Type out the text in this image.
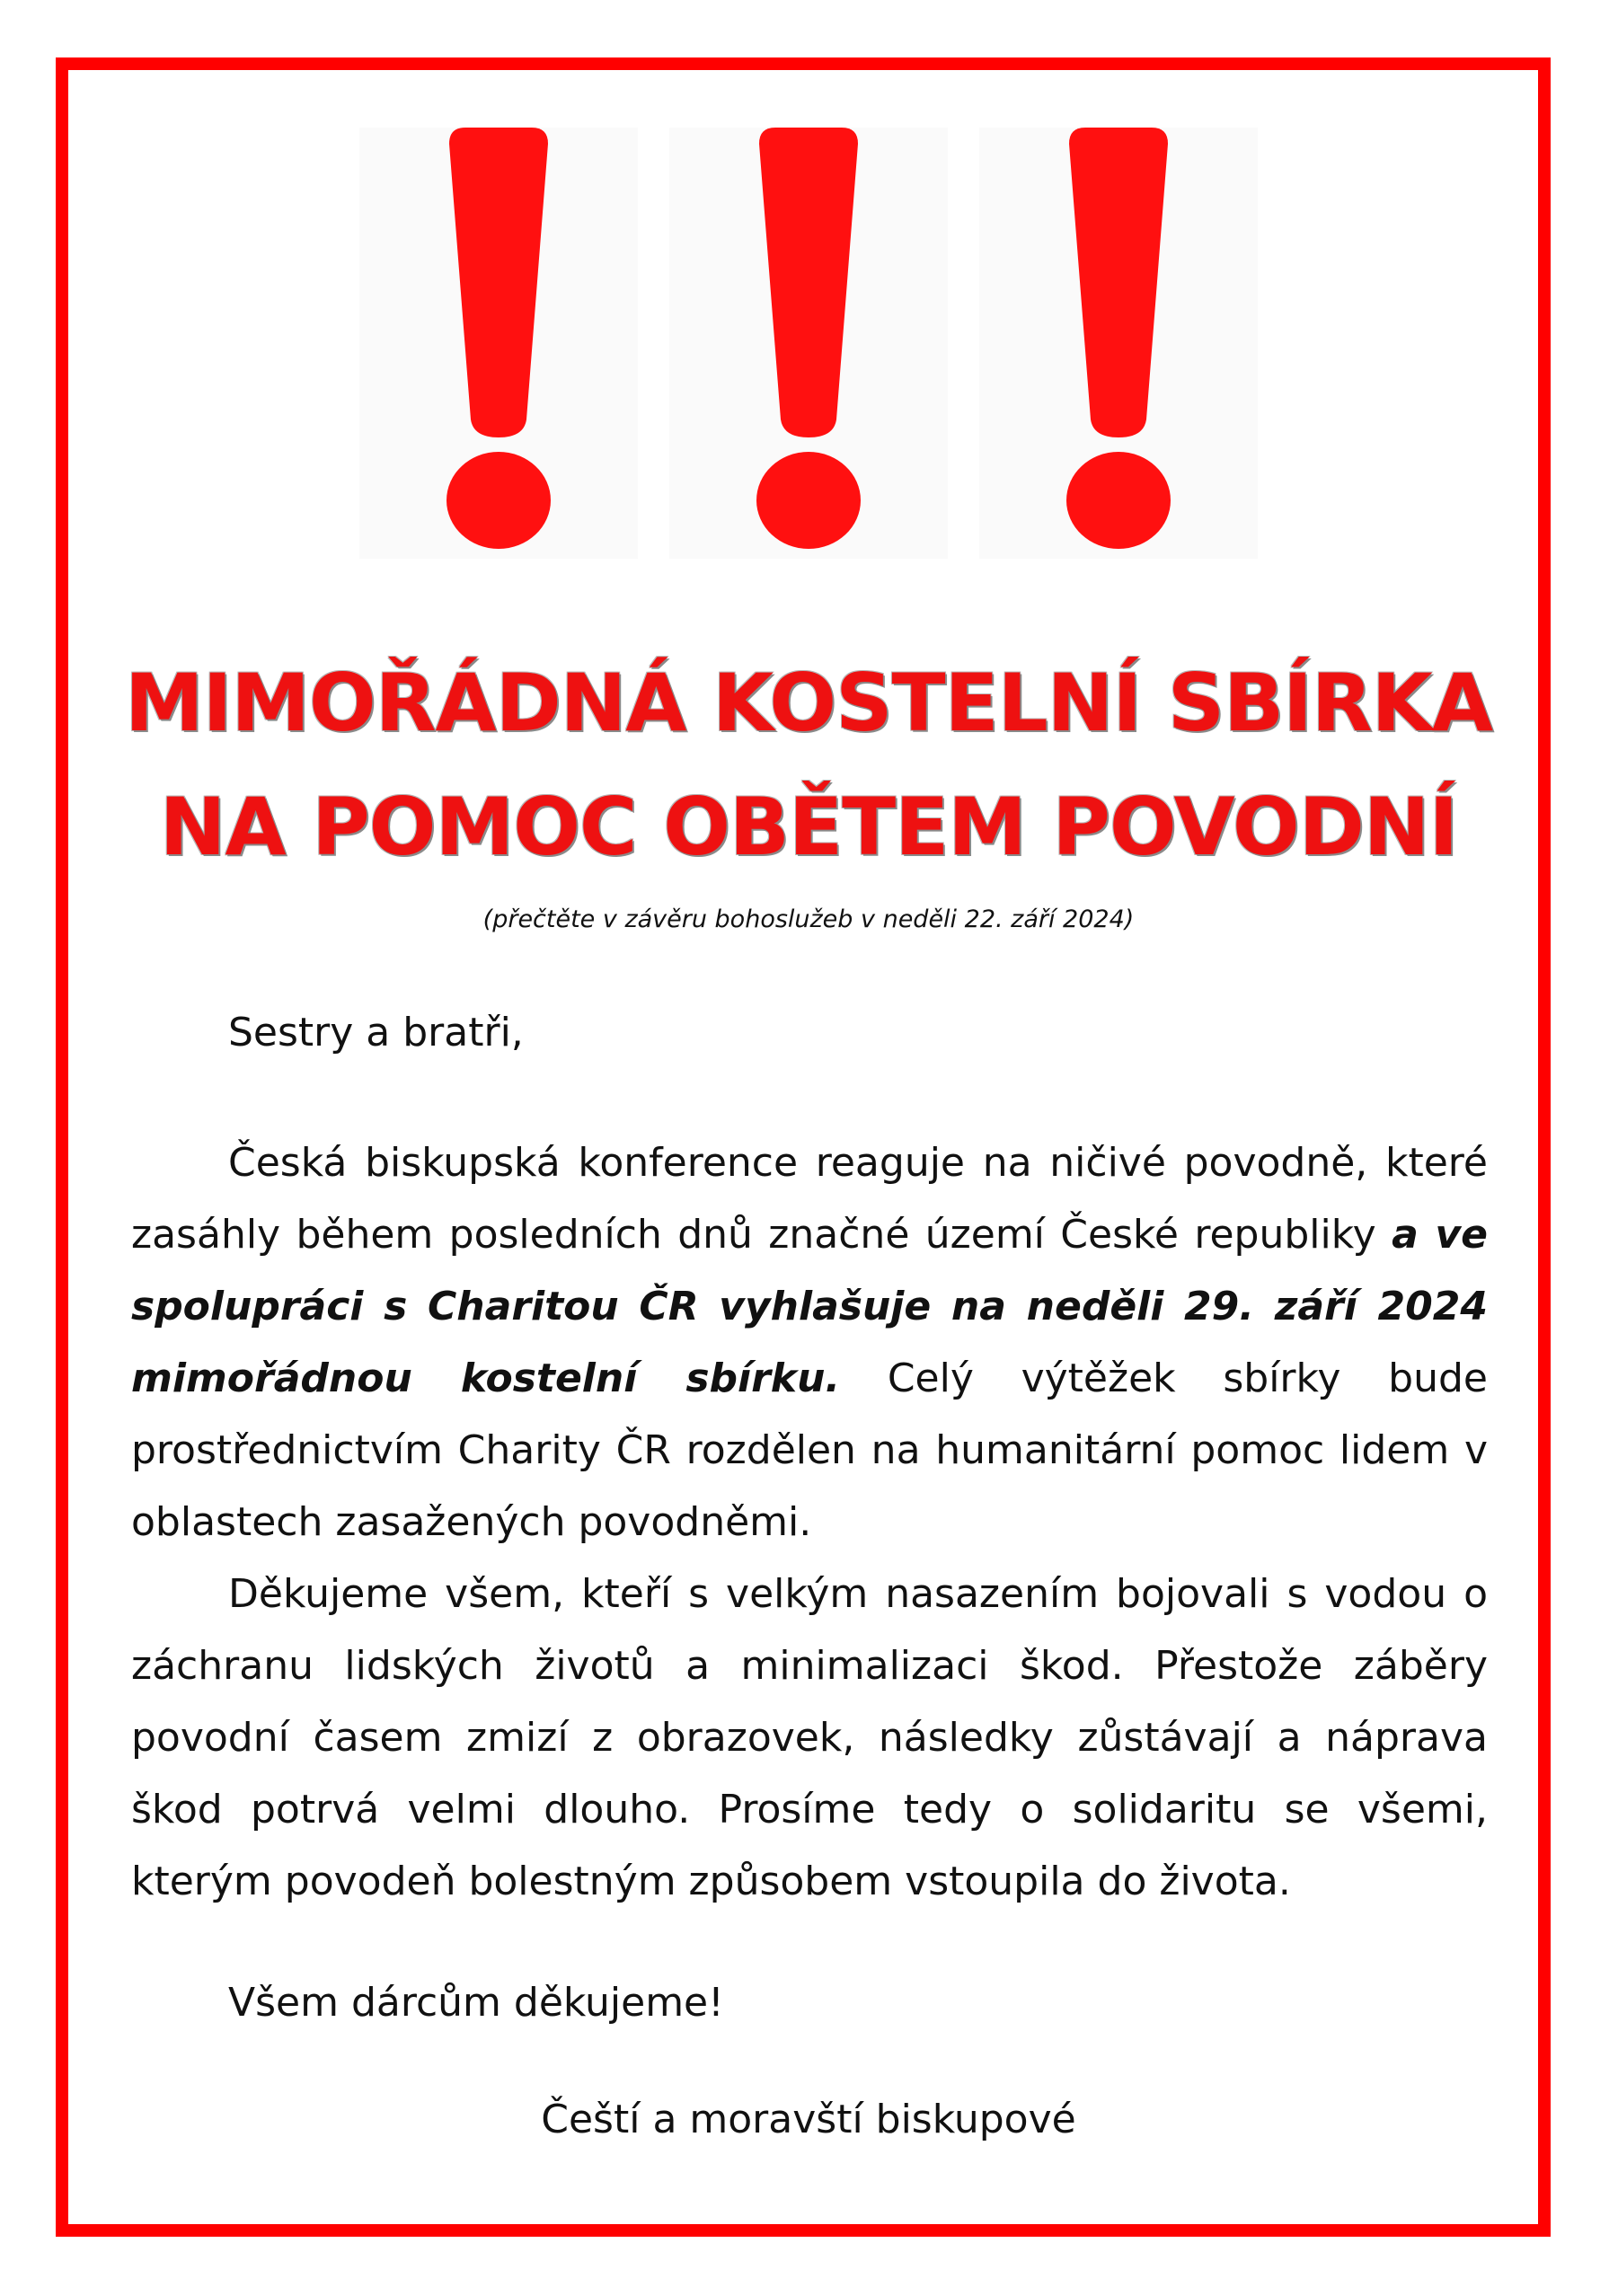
MIMOŘÁDNÁ KOSTELNÍ SBÍRKA
NA POMOC OBĚTEM POVODNÍ
(přečtěte v závěru bohoslužeb v neděli 22. září 2024)
Sestry a bratři,
Česká biskupská konference reaguje na ničivé povodně, které zasáhly během posledních dnů značné území České republiky a ve spolupráci s Charitou ČR vyhlašuje na neděli 29. září 2024 mimořádnou kostelní sbírku. Celý výtěžek sbírky bude prostřednictvím Charity ČR rozdělen na humanitární pomoc lidem v oblastech zasažených povodněmi.
Děkujeme všem, kteří s velkým nasazením bojovali s vodou o záchranu lidských životů a minimalizaci škod. Přestože záběry povodní časem zmizí z obrazovek, následky zůstávají a náprava škod potrvá velmi dlouho. Prosíme tedy o solidaritu se všemi, kterým povodeň bolestným způsobem vstoupila do života.
Všem dárcům děkujeme!
Čeští a moravští biskupové
